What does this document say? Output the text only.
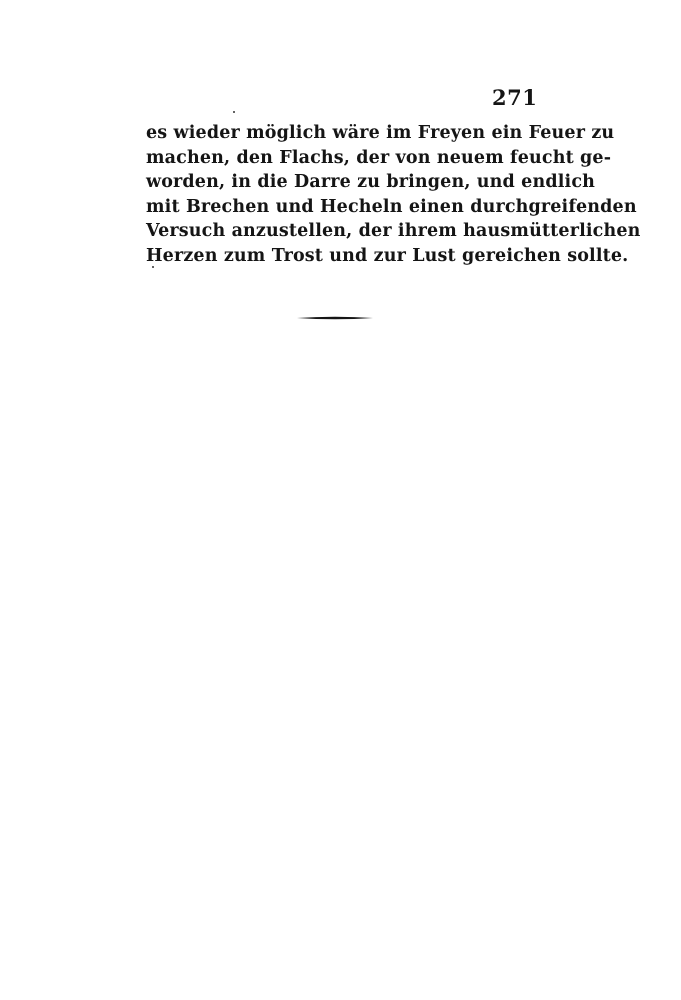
271
es wieder möglich wäre im Freyen ein Feuer zu
machen, den Flachs, der von neuem feucht ge-
worden, in die Darre zu bringen, und endlich
mit Brechen und Hecheln einen durchgreifenden
Versuch anzustellen, der ihrem hausmütterlichen
Herzen zum Trost und zur Lust gereichen sollte.
